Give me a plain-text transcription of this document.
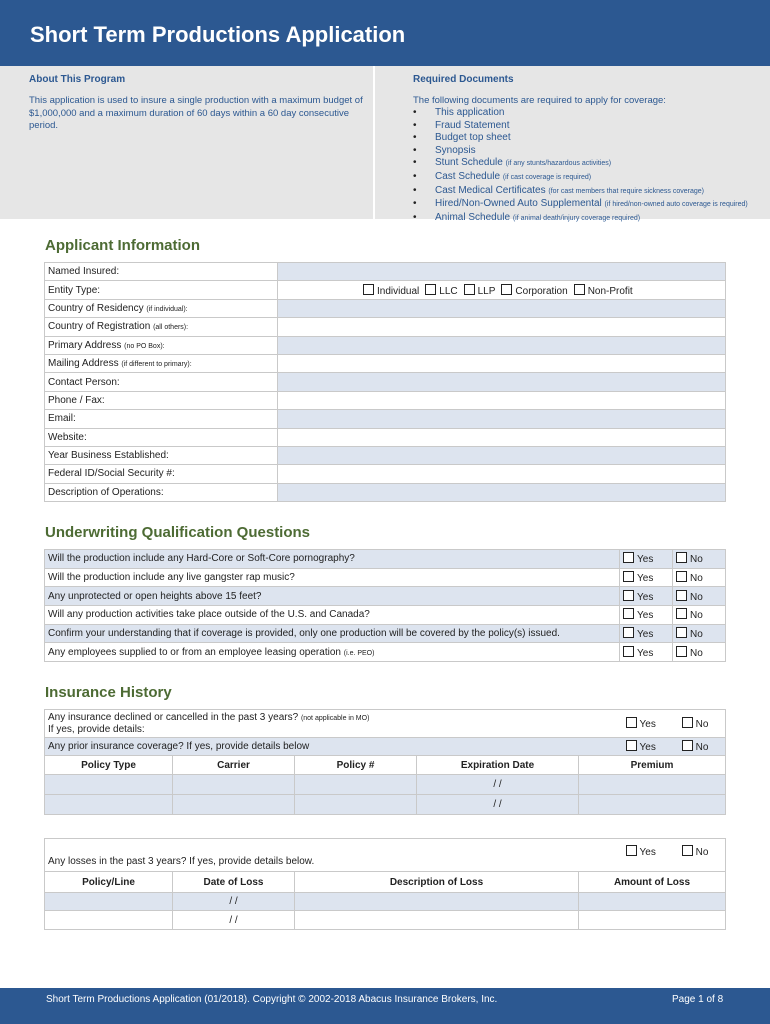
Short Term Productions Application
About This Program
This application is used to insure a single production with a maximum budget of $1,000,000 and a maximum duration of 60 days within a 60 day consecutive period.
Required Documents
The following documents are required to apply for coverage:
• This application
• Fraud Statement
• Budget top sheet
• Synopsis
• Stunt Schedule (if any stunts/hazardous activities)
• Cast Schedule (if cast coverage is required)
• Cast Medical Certificates (for cast members that require sickness coverage)
• Hired/Non-Owned Auto Supplemental (if hired/non-owned auto coverage is required)
• Animal Schedule (if animal death/injury coverage required)
Applicant Information
Named Insured:	
Entity Type:	Individual LLC LLP Corporation Non-Profit

Country of Residency (if individual):	
Country of Registration (all others):	
Primary Address (no PO Box):	
Mailing Address (if different to primary):	
Contact Person:	
Phone / Fax:	
Email:	
Website:	
Year Business Established:	
Federal ID/Social Security #:	
Description of Operations:	
Underwriting Qualification Questions
Will the production include any Hard-Core or Soft-Core pornography?	Yes	No
Will the production include any live gangster rap music?	Yes	No
Any unprotected or open heights above 15 feet?	Yes	No
Will any production activities take place outside of the U.S. and Canada?	Yes	No
Confirm your understanding that if coverage is provided, only one production will be covered by the policy(s) issued.	Yes	No
Any employees supplied to or from an employee leasing operation (i.e. PEO)	Yes	No
Insurance History
Any insurance declined or cancelled in the past 3 years? (not applicable in MO)
If yes, provide details:				Yes No
Any prior insurance coverage? If yes, provide details below				Yes No
Policy Type	Carrier	Policy #	Expiration Date	Premium
			/ /	
			/ /	
Any losses in the past 3 years? If yes, provide details below.			Yes No
Policy/Line	Date of Loss	Description of Loss	Amount of Loss
	/ /		
	/ /		
Short Term Productions Application (01/2018). Copyright © 2002-2018 Abacus Insurance Brokers, Inc.	Page 1 of 8
